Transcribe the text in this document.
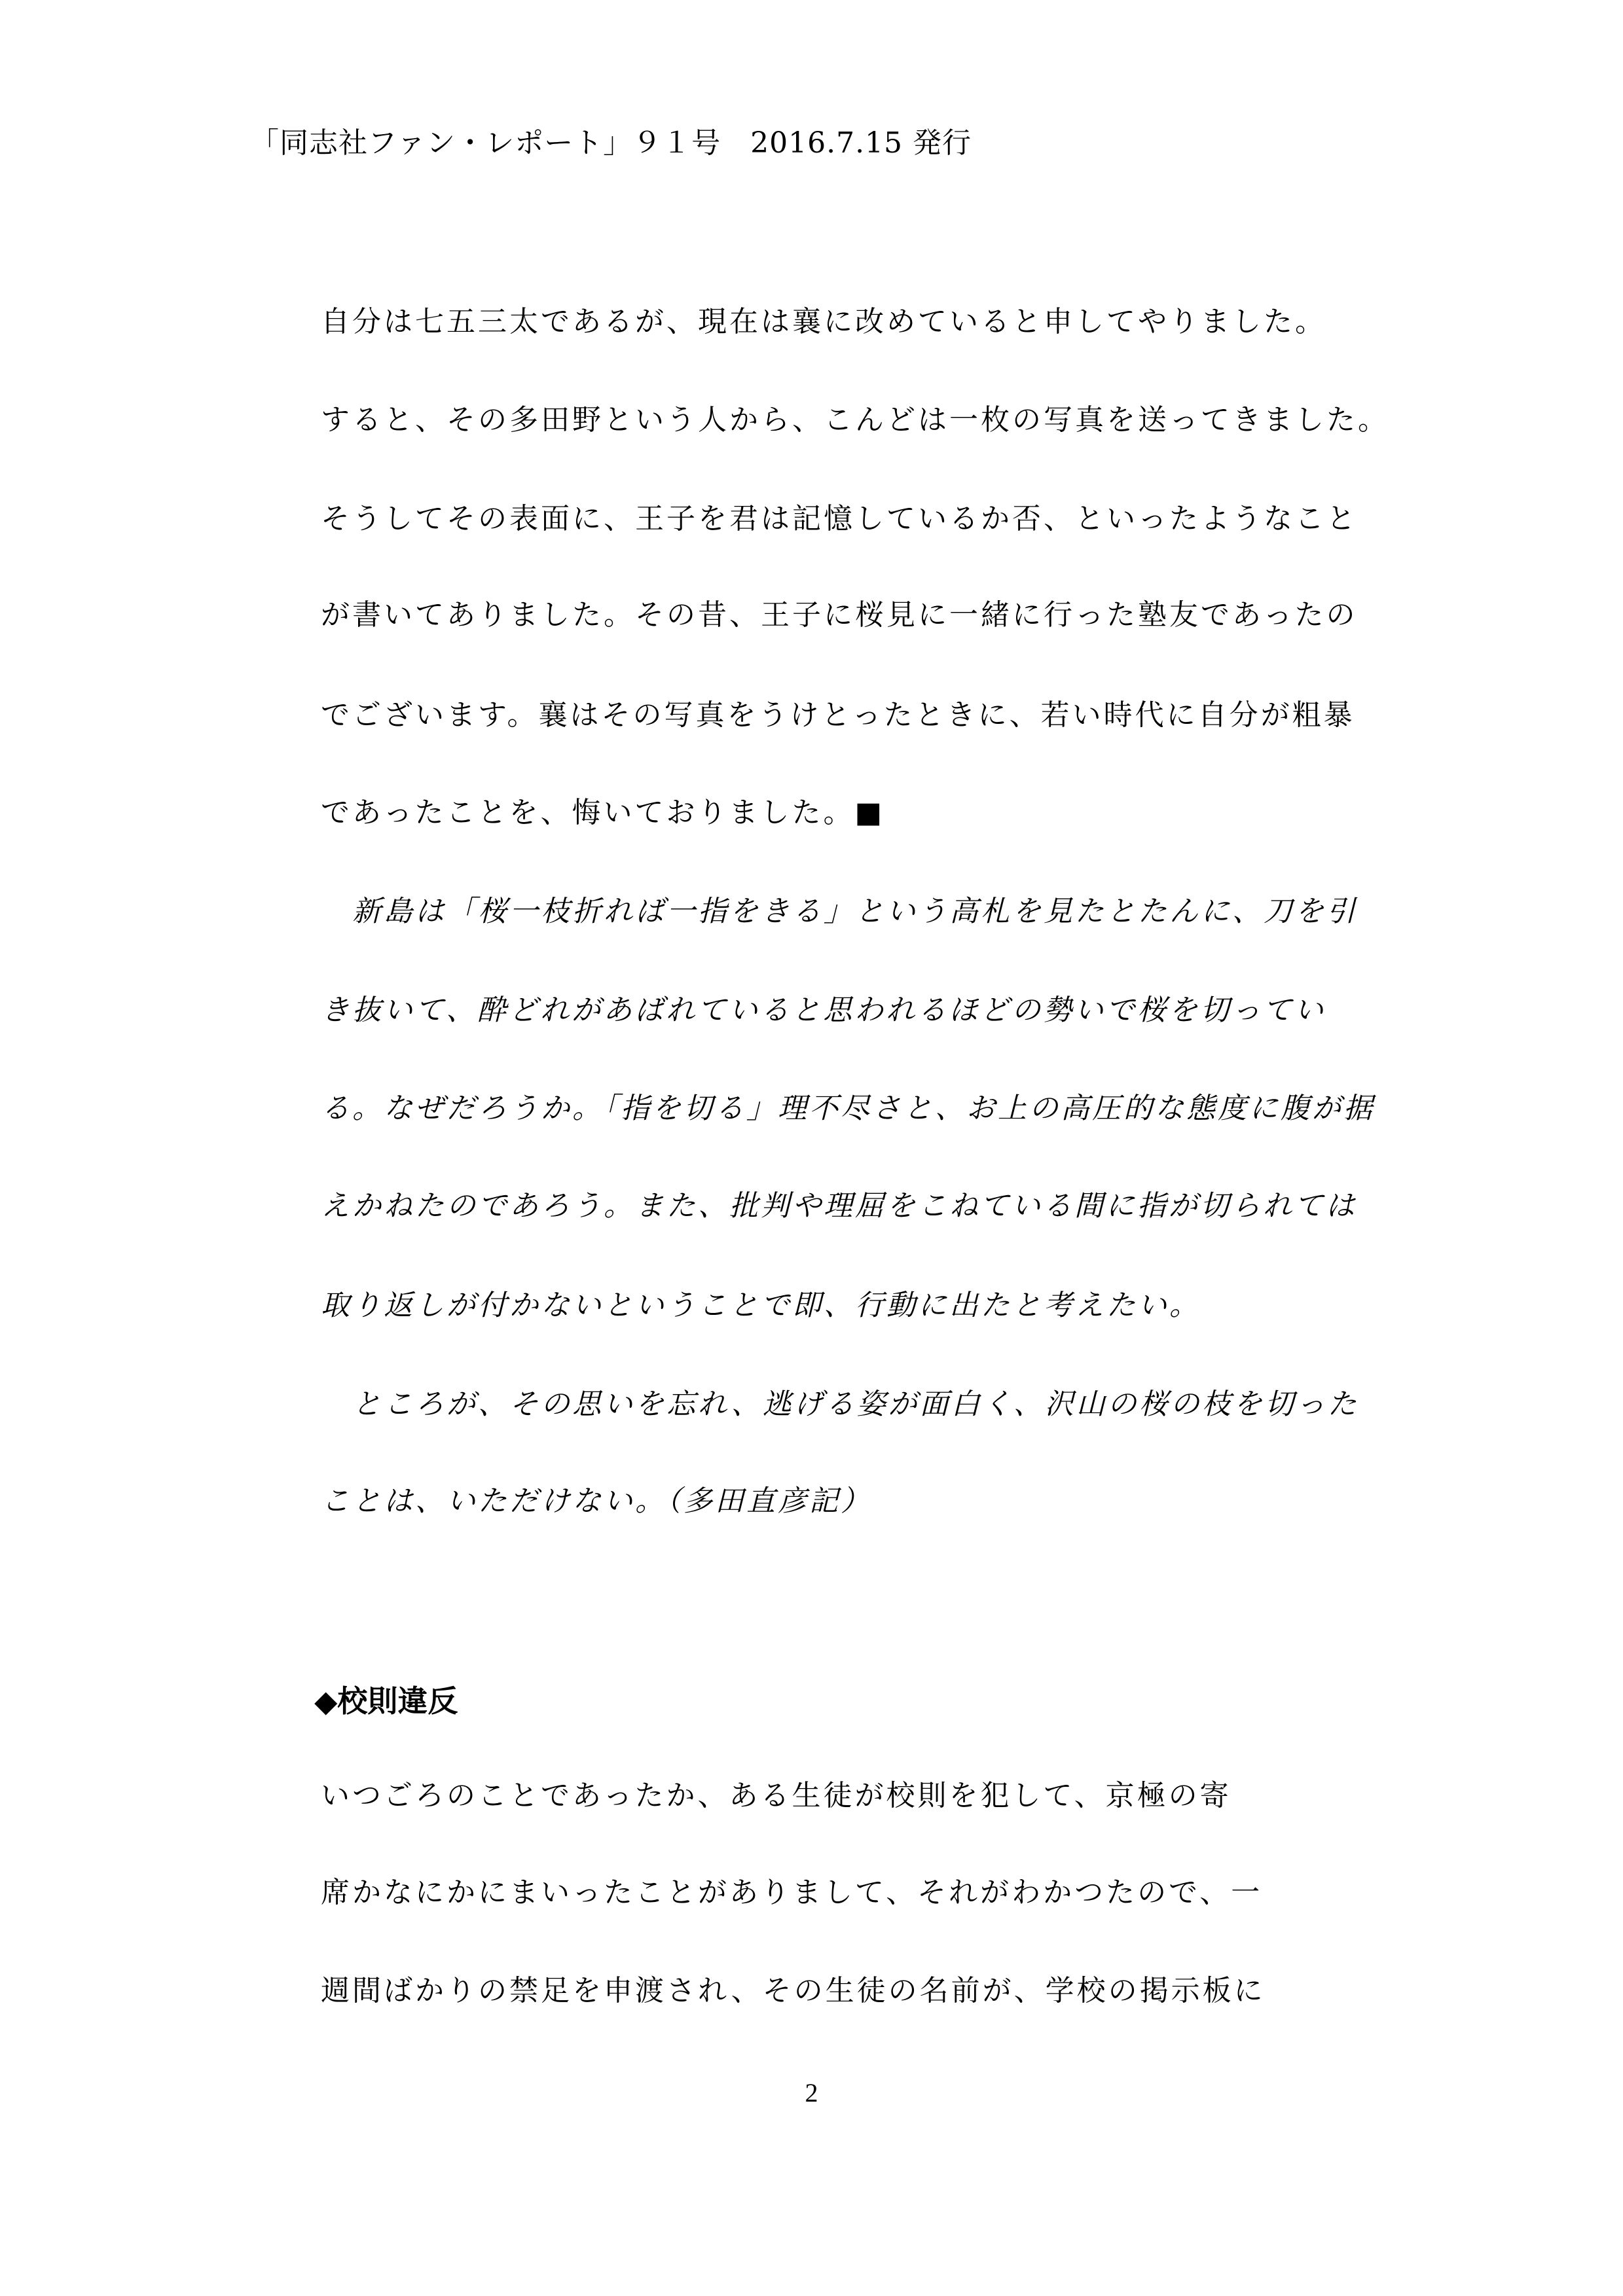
「同志社ファン・レポート」９１号　2016.7.15 発行
自分は七五三太であるが、現在は襄に改めていると申してやりました。
すると、その多田野という人から、こんどは一枚の写真を送ってきました。
そうしてその表面に、王子を君は記憶しているか否、といったようなこと
が書いてありました。その昔、王子に桜見に一緒に行った塾友であったの
でございます。襄はその写真をうけとったときに、若い時代に自分が粗暴
であったことを、悔いておりました。■
　新島は「桜一枝折れば一指をきる」という高札を見たとたんに、刀を引
き抜いて、酔どれがあばれていると思われるほどの勢いで桜を切ってい
る。なぜだろうか。「指を切る」理不尽さと、お上の高圧的な態度に腹が据
えかねたのであろう。また、批判や理屈をこねている間に指が切られては
取り返しが付かないということで即、行動に出たと考えたい。
　ところが、その思いを忘れ、逃げる姿が面白く、沢山の桜の枝を切った
ことは、いただけない。（多田直彦記）
◆校則違反
いつごろのことであったか、ある生徒が校則を犯して、京極の寄
席かなにかにまいったことがありまして、それがわかつたので、一
週間ばかりの禁足を申渡され、その生徒の名前が、学校の掲示板に
2
